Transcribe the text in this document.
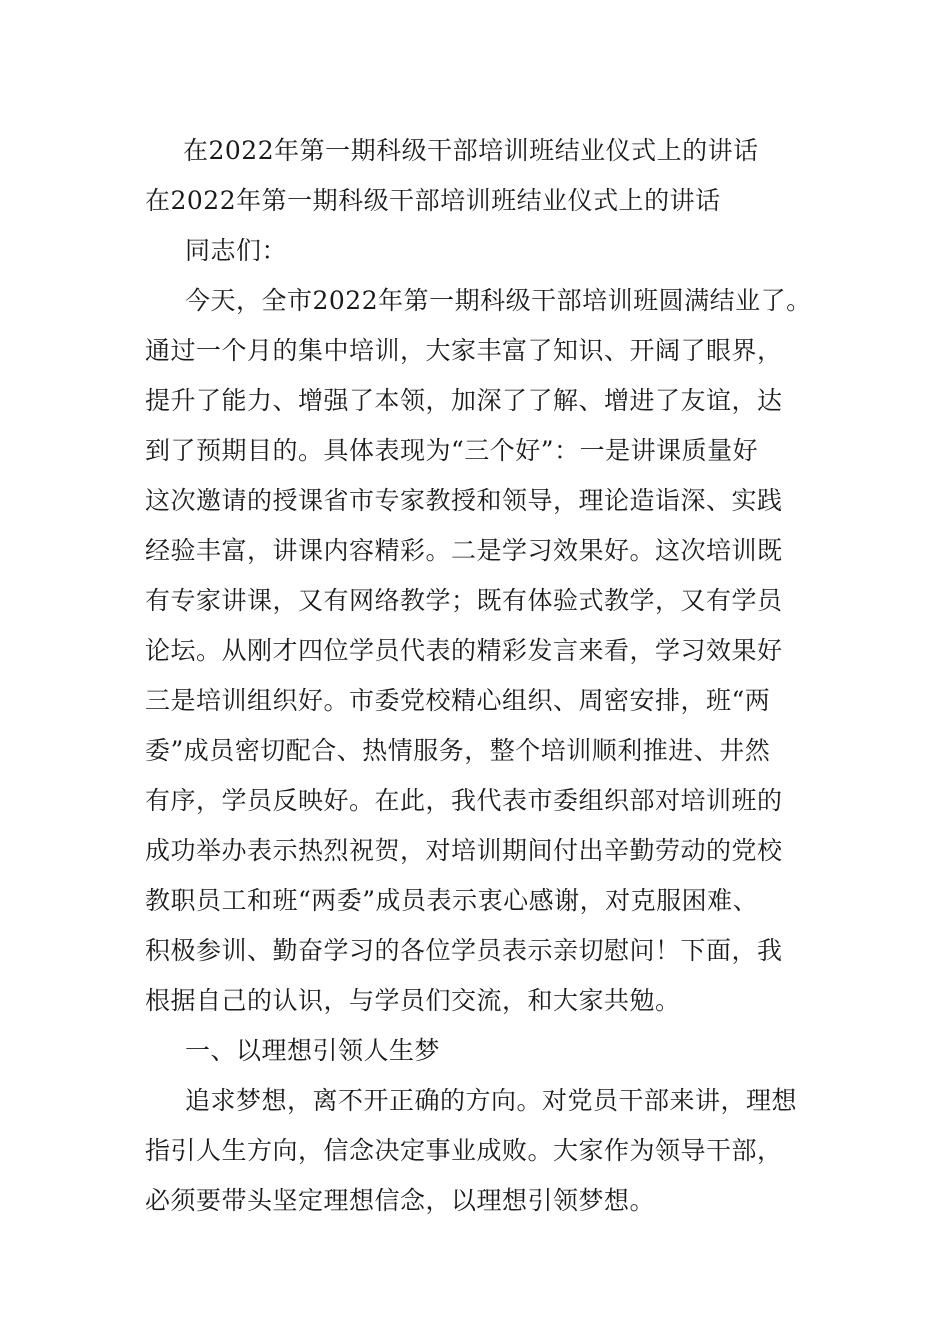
在2022年第一期科级干部培训班结业仪式上的讲话
在2022年第一期科级干部培训班结业仪式上的讲话
同志们：
今天，全市2022年第一期科级干部培训班圆满结业了。
通过一个月的集中培训，大家丰富了知识、开阔了眼界，
提升了能力、增强了本领，加深了了解、增进了友谊，达
到了预期目的。具体表现为“三个好”：一是讲课质量好
这次邀请的授课省市专家教授和领导，理论造诣深、实践
经验丰富，讲课内容精彩。二是学习效果好。这次培训既
有专家讲课，又有网络教学；既有体验式教学，又有学员
论坛。从刚才四位学员代表的精彩发言来看，学习效果好
三是培训组织好。市委党校精心组织、周密安排，班“两
委”成员密切配合、热情服务，整个培训顺利推进、井然
有序，学员反映好。在此，我代表市委组织部对培训班的
成功举办表示热烈祝贺，对培训期间付出辛勤劳动的党校
教职员工和班“两委”成员表示衷心感谢，对克服困难、
积极参训、勤奋学习的各位学员表示亲切慰问！下面，我
根据自己的认识，与学员们交流，和大家共勉。
一、以理想引领人生梦
追求梦想，离不开正确的方向。对党员干部来讲，理想
指引人生方向，信念决定事业成败。大家作为领导干部，
必须要带头坚定理想信念，以理想引领梦想。
